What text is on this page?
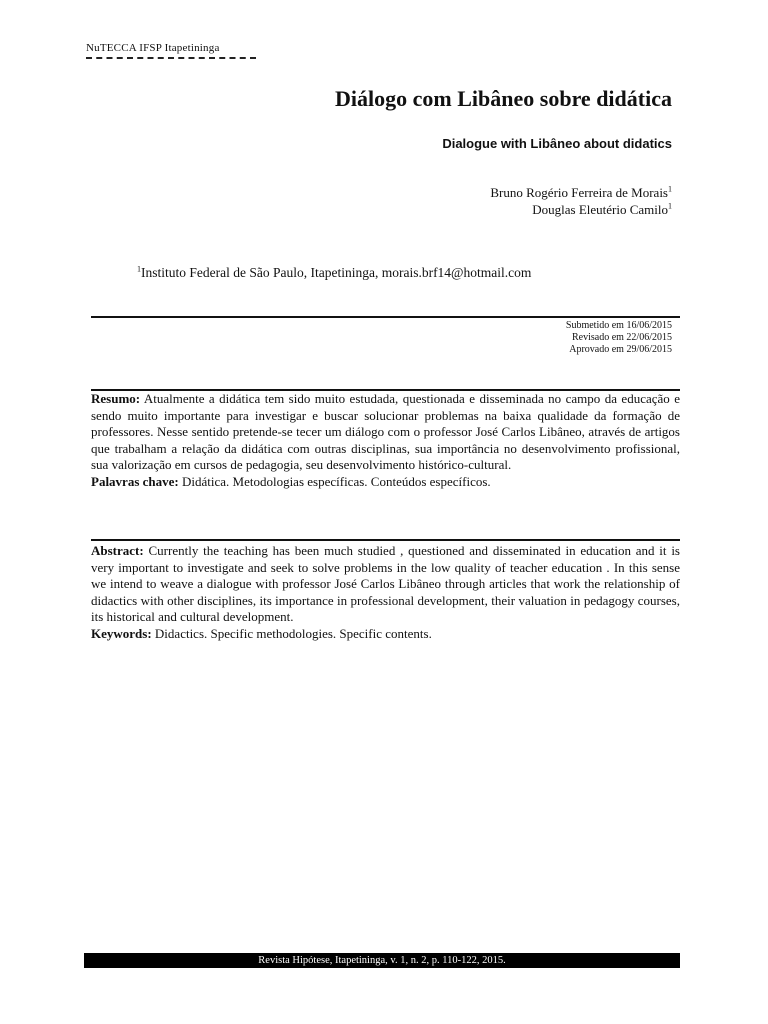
NuTECCA IFSP Itapetininga
Diálogo com Libâneo sobre didática
Dialogue with Libâneo about didatics
Bruno Rogério Ferreira de Morais$^1$
Douglas Eleutério Camilo$^1$
$^1$Instituto Federal de São Paulo, Itapetininga, morais.brf14@hotmail.com
Submetido em 16/06/2015
Revisado em 22/06/2015
Aprovado em 29/06/2015

Resumo: Atualmente a didática tem sido muito estudada, questionada e disseminada no campo da educação e sendo muito importante para investigar e buscar solucionar problemas na baixa qualidade da formação de professores. Nesse sentido pretende-se tecer um diálogo com o professor José Carlos Libâneo, através de artigos que trabalham a relação da didática com outras disciplinas, sua importância no desenvolvimento profissional, sua valorização em cursos de pedagogia, seu desenvolvimento histórico-cultural.

Palavras chave: Didática. Metodologias específicas. Conteúdos específicos.

Abstract: Currently the teaching has been much studied , questioned and disseminated in education and it is very important to investigate and seek to solve problems in the low quality of teacher education . In this sense we intend to weave a dialogue with professor José Carlos Libâneo through articles that work the relationship of didactics with other disciplines, its importance in professional development, their valuation in pedagogy courses, its historical and cultural development.

Keywords: Didactics. Specific methodologies. Specific contents.

Revista Hipótese, Itapetininga, v. 1, n. 2, p. 110-122, 2015.
